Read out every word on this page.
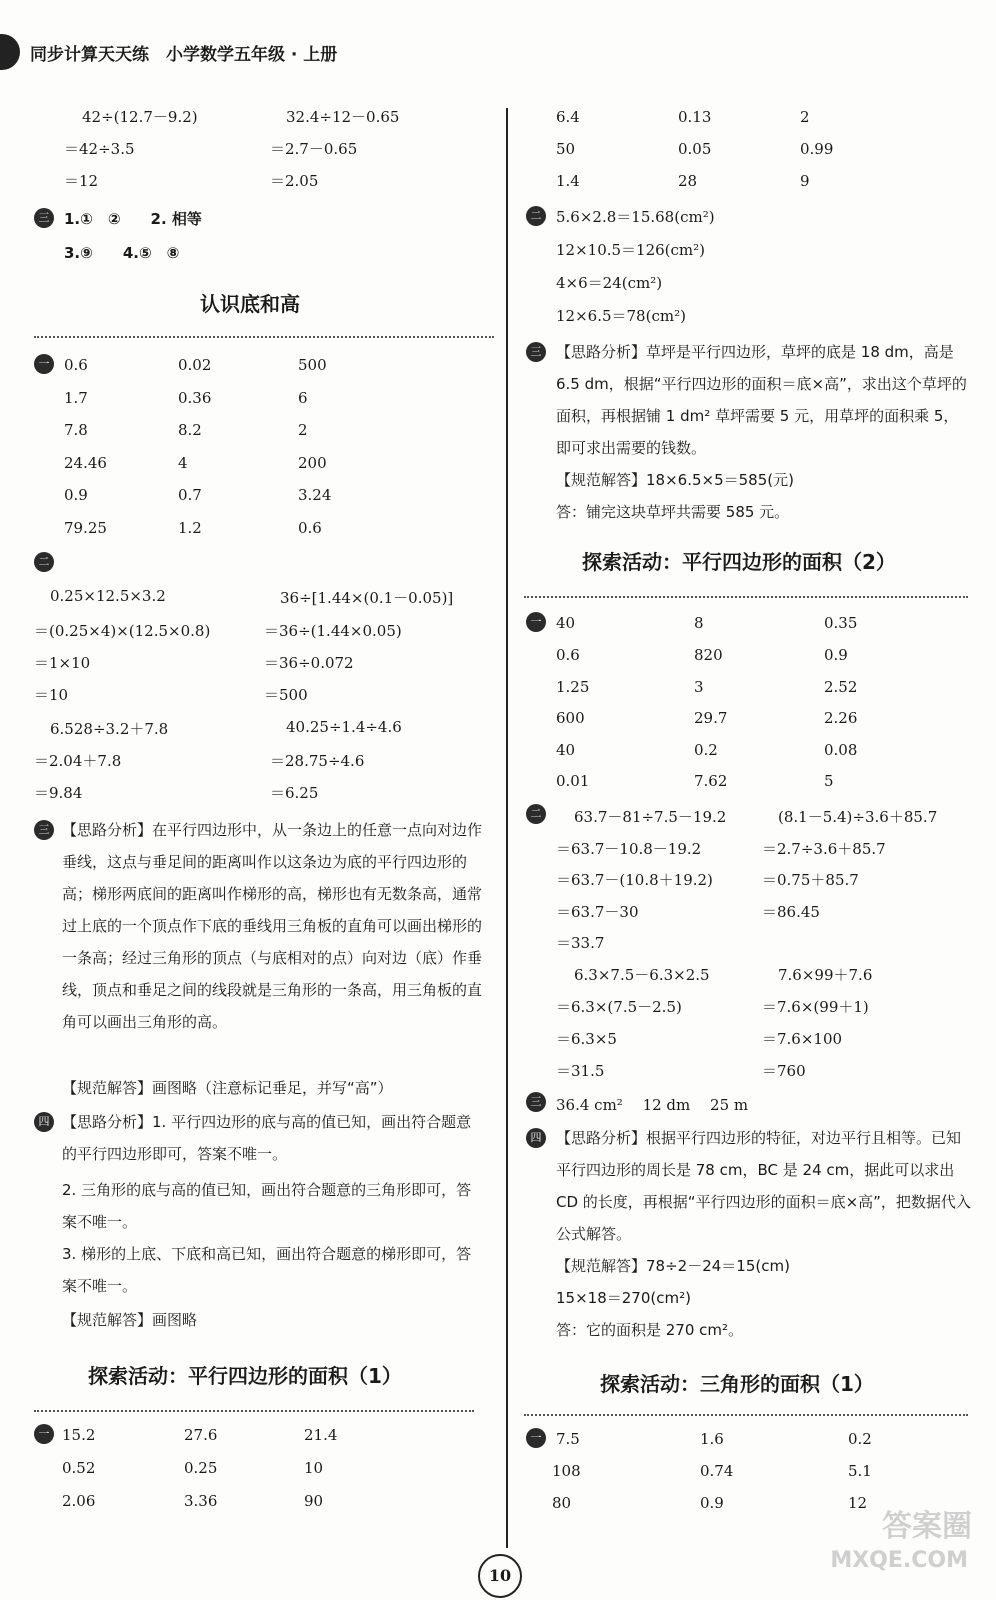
同步计算天天练　小学数学五年级 · 上册
42÷(12.7－9.2)	32.4÷12－0.65
＝42÷3.5	＝2.7－0.65
＝12	＝2.05
三 1.①　②　　2. 相等
3.⑨　　4.⑤　⑧
认识底和高
一 0.6	0.02	500
1.7	0.36	6
7.8	8.2	2
24.46	4	200
0.9	0.7	3.24
79.25	1.2	0.6
二
0.25×12.5×3.2	36÷[1.44×(0.1－0.05)]
＝(0.25×4)×(12.5×0.8)	＝36÷(1.44×0.05)
＝1×10	＝36÷0.072
＝10	＝500
6.528÷3.2＋7.8	40.25÷1.4÷4.6
＝2.04＋7.8	＝28.75÷4.6
＝9.84	＝6.25
三 【思路分析】在平行四边形中，从一条边上的任意一点向对边作垂线，这点与垂足间的距离叫作以这条边为底的平行四边形的高；梯形两底间的距离叫作梯形的高，梯形也有无数条高，通常过上底的一个顶点作下底的垂线用三角板的直角可以画出梯形的一条高；经过三角形的顶点（与底相对的点）向对边（底）作垂线，顶点和垂足之间的线段就是三角形的一条高，用三角板的直角可以画出三角形的高。
【规范解答】画图略（注意标记垂足，并写“高”）
四 【思路分析】1. 平行四边形的底与高的值已知，画出符合题意的平行四边形即可，答案不唯一。
2. 三角形的底与高的值已知，画出符合题意的三角形即可，答案不唯一。
3. 梯形的上底、下底和高已知，画出符合题意的梯形即可，答案不唯一。
【规范解答】画图略
探索活动：平行四边形的面积（1）
一 15.2	27.6	21.4
0.52	0.25	10
2.06	3.36	90
6.4	0.13	2
50	0.05	0.99
1.4	28	9
二 5.6×2.8＝15.68(cm²)
12×10.5＝126(cm²)
4×6＝24(cm²)
12×6.5＝78(cm²)
三 【思路分析】草坪是平行四边形，草坪的底是 18 dm，高是 6.5 dm，根据“平行四边形的面积＝底×高”，求出这个草坪的面积，再根据铺 1 dm² 草坪需要 5 元，用草坪的面积乘 5，即可求出需要的钱数。
【规范解答】18×6.5×5＝585(元)
答：铺完这块草坪共需要 585 元。
探索活动：平行四边形的面积（2）
一 40	8	0.35
0.6	820	0.9
1.25	3	2.52
600	29.7	2.26
40	0.2	0.08
0.01	7.62	5
二	63.7－81÷7.5－19.2	(8.1－5.4)÷3.6＋85.7
＝63.7－10.8－19.2	＝2.7÷3.6＋85.7
＝63.7－(10.8＋19.2)	＝0.75＋85.7
＝63.7－30	＝86.45
＝33.7
6.3×7.5－6.3×2.5	7.6×99＋7.6
＝6.3×(7.5－2.5)	＝7.6×(99＋1)
＝6.3×5	＝7.6×100
＝31.5	＝760
三 36.4 cm²　 12 dm　 25 m
四 【思路分析】根据平行四边形的特征，对边平行且相等。已知平行四边形的周长是 78 cm，BC 是 24 cm，据此可以求出 CD 的长度，再根据“平行四边形的面积＝底×高”，把数据代入公式解答。
【规范解答】78÷2－24＝15(cm)
15×18＝270(cm²)
答：它的面积是 270 cm²。
探索活动：三角形的面积（1）
一 7.5	1.6	0.2
108	0.74	5.1
80	0.9	12
10
答案圈
MXQE.COM
